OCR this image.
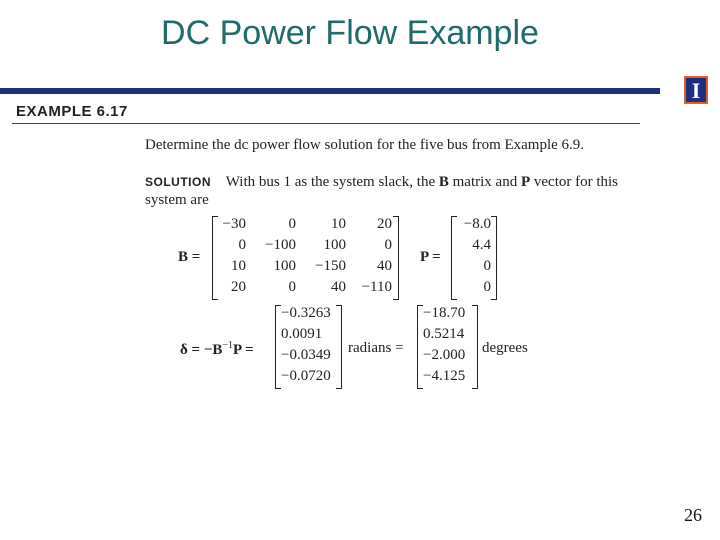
DC Power Flow Example
I
EXAMPLE 6.17
Determine the dc power flow solution for the five bus from Example 6.9.
SOLUTION With bus 1 as the system slack, the B matrix and P vector for this system are
B =
−30	0	10	20
0	−100	100	0
10	100	−150	40
20	0	40	−110
P =
−8.0
4.4
0
0
$\delta = -B^{-1}P$ =
−0.3263
0.0091
−0.0349
−0.0720
radians =
−18.70
0.5214
−2.000
−4.125
degrees
26
